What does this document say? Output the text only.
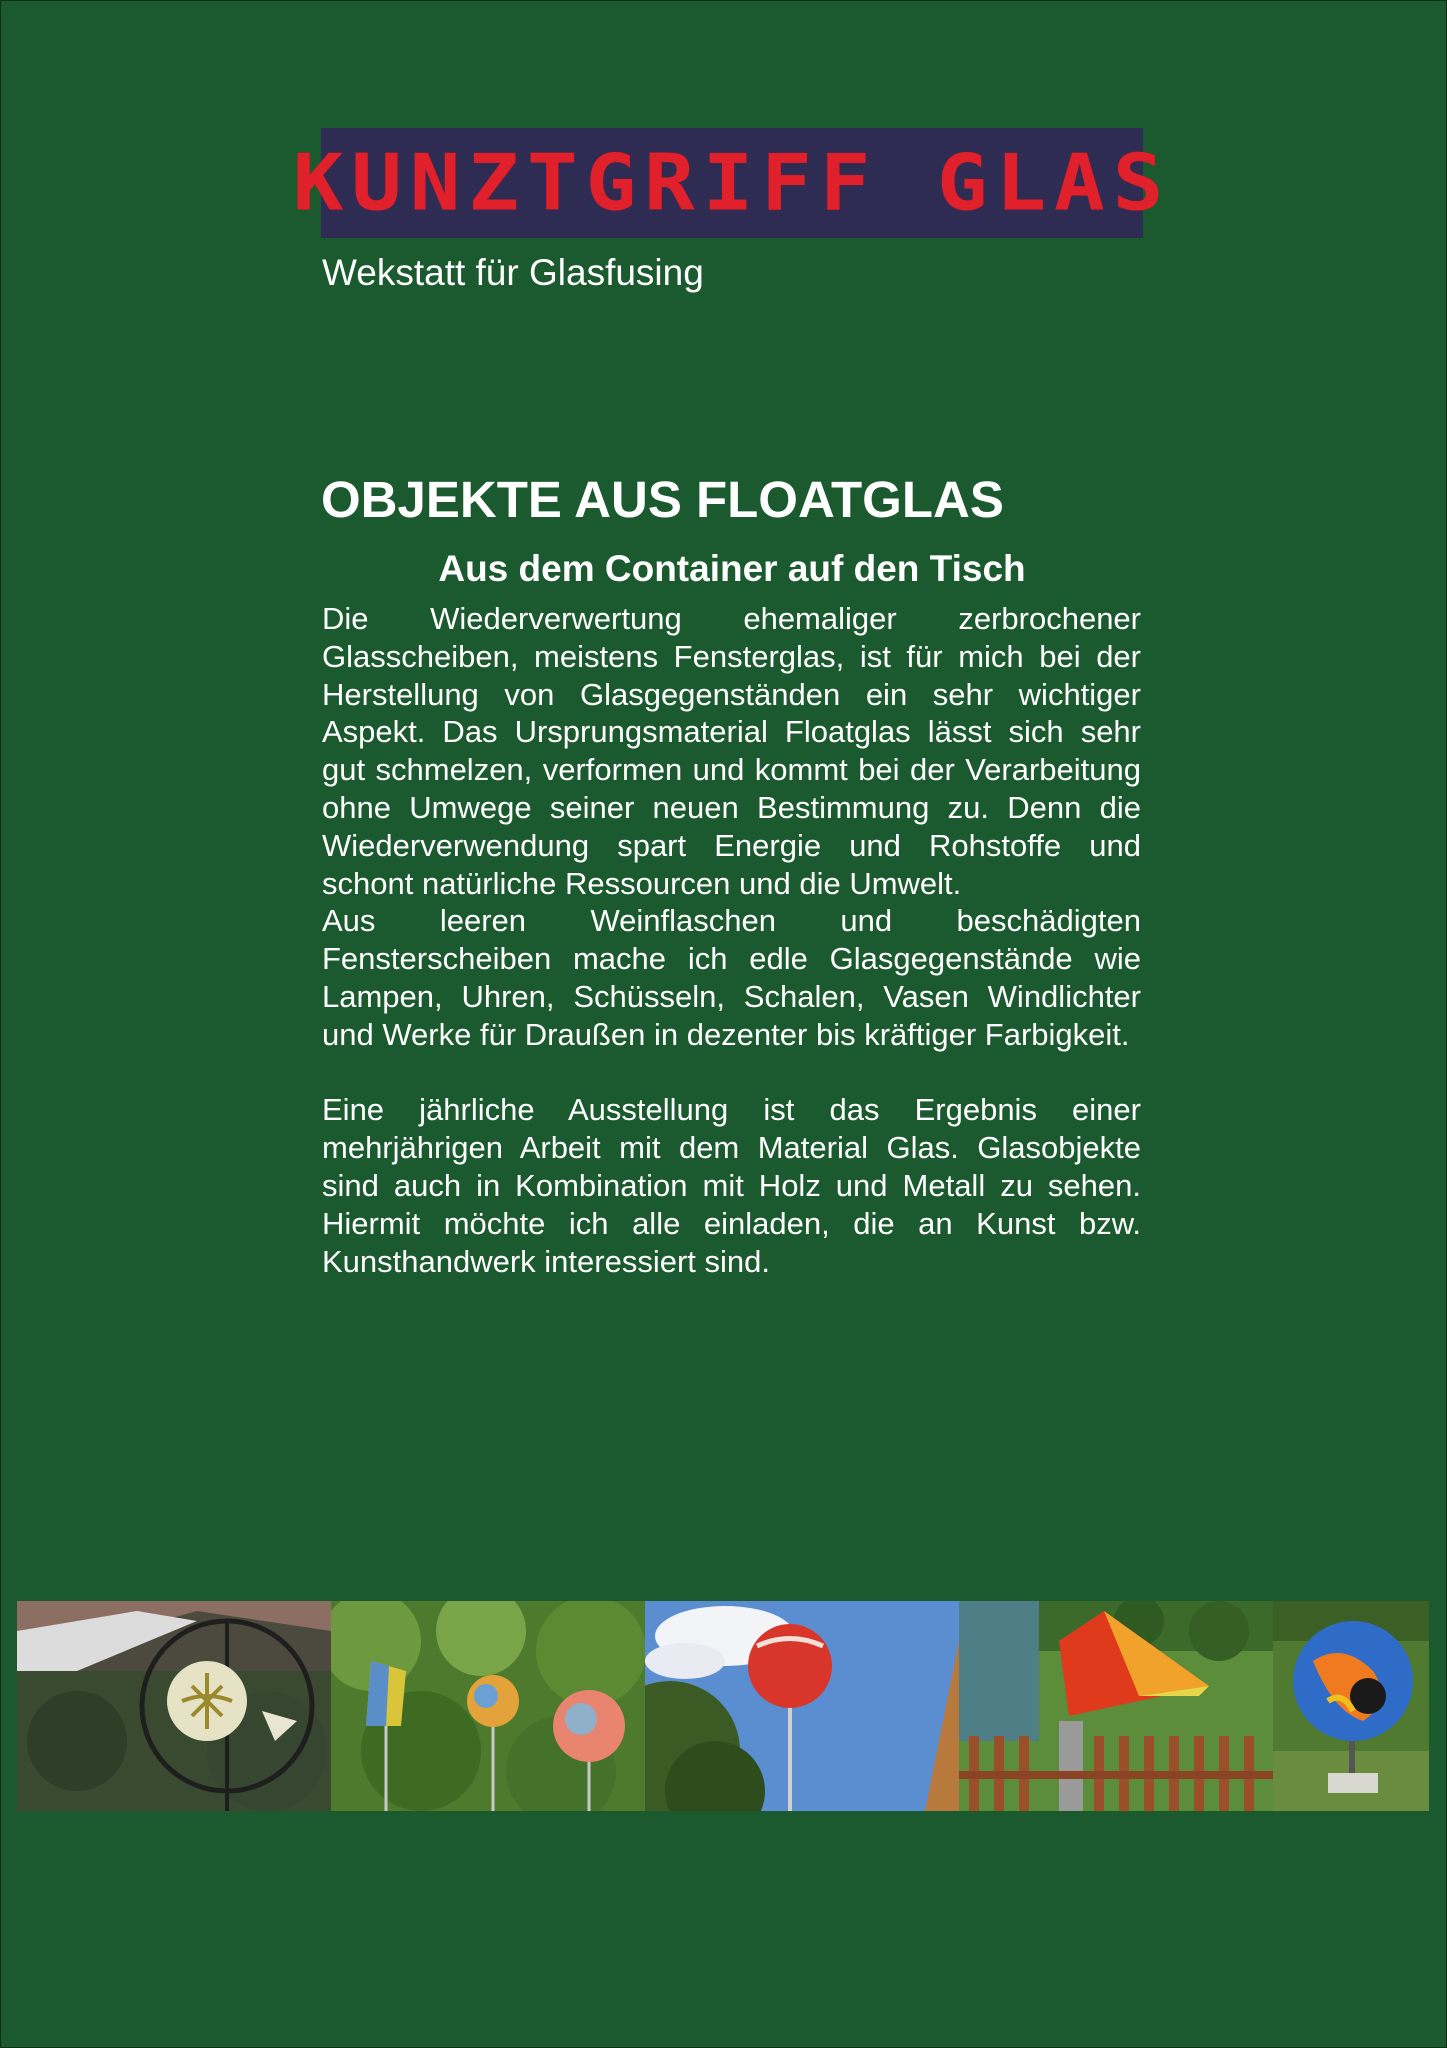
KUNZTGRIFF GLAS
Wekstatt für Glasfusing
OBJEKTE AUS FLOATGLAS
Aus dem Container auf den Tisch

Die Wiederverwertung ehemaliger zerbrochener Glasscheiben, meistens Fensterglas, ist für mich bei der Herstellung von Glasgegenständen ein sehr wichtiger Aspekt. Das Ursprungsmaterial Floatglas lässt sich sehr gut schmelzen, verformen und kommt bei der Verarbeitung ohne Umwege seiner neuen Bestimmung zu. Denn die Wiederverwendung spart Energie und Rohstoffe und schont natürliche Ressourcen und die Umwelt.

Aus leeren Weinflaschen und beschädigten Fensterscheiben mache ich edle Glasgegenstände wie Lampen, Uhren, Schüsseln, Schalen, Vasen Windlichter und Werke für Draußen in dezenter bis kräftiger Farbigkeit.

Eine jährliche Ausstellung ist das Ergebnis einer mehrjährigen Arbeit mit dem Material Glas. Glasobjekte sind auch in Kombination mit Holz und Metall zu sehen. Hiermit möchte ich alle einladen, die an Kunst bzw. Kunsthandwerk interessiert sind.
